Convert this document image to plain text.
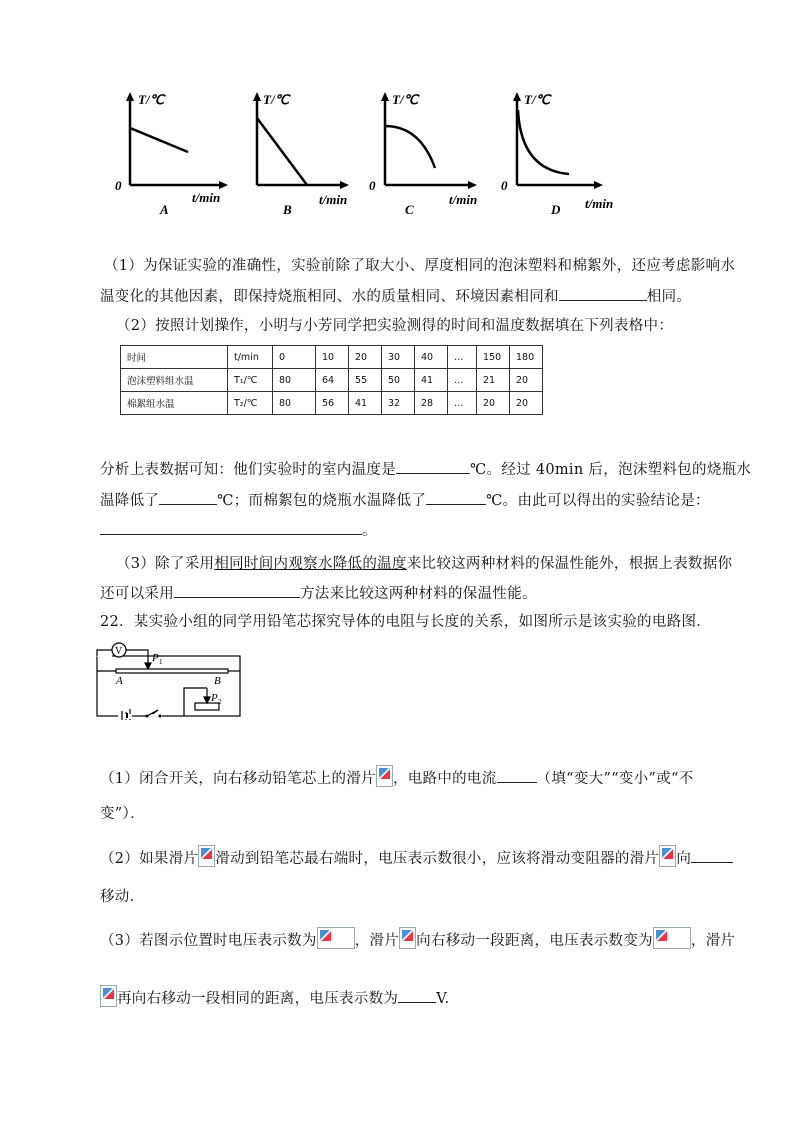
T/℃
0
t/min
A
T/℃
t/min
B
T/℃
0
t/min
C
T/℃
0
t/min
D
（1）为保证实验的准确性，实验前除了取大小、厚度相同的泡沫塑料和棉絮外，还应考虑影响水
温变化的其他因素，即保持烧瓶相同、水的质量相同、环境因素相同和	相同。
（2）按照计划操作，小明与小芳同学把实验测得的时间和温度数据填在下列表格中：
时间	t/min	0	10	20	30	40	…	150	180
泡沫塑料组水温	T₁/℃	80	64	55	50	41	…	21	20
棉絮组水温	T₂/℃	80	56	41	32	28	…	20	20
分析上表数据可知：他们实验时的室内温度是	℃。经过 40min 后，泡沫塑料包的烧瓶水
温降低了	℃；而棉絮包的烧瓶水温降低了	℃。由此可以得出的实验结论是：
。
（3）除了采用相同时间内观察水降低的温度来比较这两种材料的保温性能外，根据上表数据你
还可以采用	方法来比较这两种材料的保温性能。
22．某实验小组的同学用铅笔芯探究导体的电阻与长度的关系，如图所示是该实验的电路图．
V
P 1
A	B
P 2
（1）闭合开关，向右移动铅笔芯上的滑片 ，电路中的电流	（填“变大”“变小”或“不
变”）．
（2）如果滑片 滑动到铅笔芯最右端时，电压表示数很小，应该将滑动变阻器的滑片 向
移动．
（3）若图示位置时电压表示数为	，滑片 向右移动一段距离，电压表示数变为	，滑片
再向右移动一段相同的距离，电压表示数为	V.
